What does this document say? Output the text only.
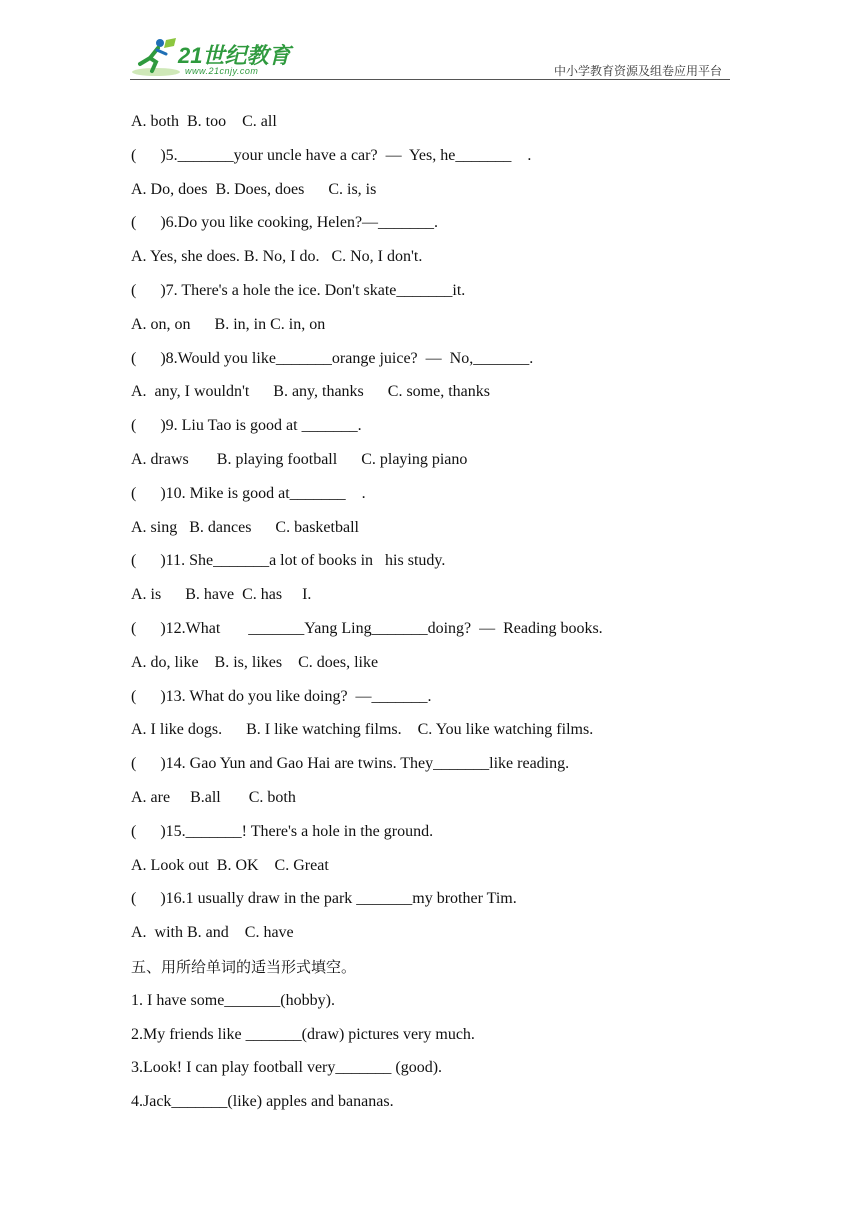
21世纪教育
www.21cnjy.com	中小学教育资源及组卷应用平台
A. both  B. too    C. all
(      )5._______your uncle have a car?  —  Yes, he_______    .
A. Do, does  B. Does, does      C. is, is
(      )6.Do you like cooking, Helen?—_______.
A. Yes, she does. B. No, I do.   C. No, I don't.
(      )7. There's a hole the ice. Don't skate_______it.
A. on, on      B. in, in C. in, on
(      )8.Would you like_______orange juice?  —  No,_______.
A.  any, I wouldn't      B. any, thanks      C. some, thanks
(      )9. Liu Tao is good at _______.
A. draws       B. playing football      C. playing piano
(      )10. Mike is good at_______    .
A. sing   B. dances      C. basketball
(      )11. She_______a lot of books in   his study.
A. is      B. have  C. has     I.
(      )12.What       _______Yang Ling_______doing?  —  Reading books.
A. do, like    B. is, likes    C. does, like
(      )13. What do you like doing?  —_______.
A. I like dogs.      B. I like watching films.    C. You like watching films.
(      )14. Gao Yun and Gao Hai are twins. They_______like reading.
A. are     B.all       C. both
(      )15._______! There's a hole in the ground.
A. Look out  B. OK    C. Great
(      )16.1 usually draw in the park _______my brother Tim.
A.  with B. and    C. have
五、用所给单词的适当形式填空。
1. I have some_______(hobby).
2.My friends like _______(draw) pictures very much.
3.Look! I can play football very_______ (good).
4.Jack_______(like) apples and bananas.
